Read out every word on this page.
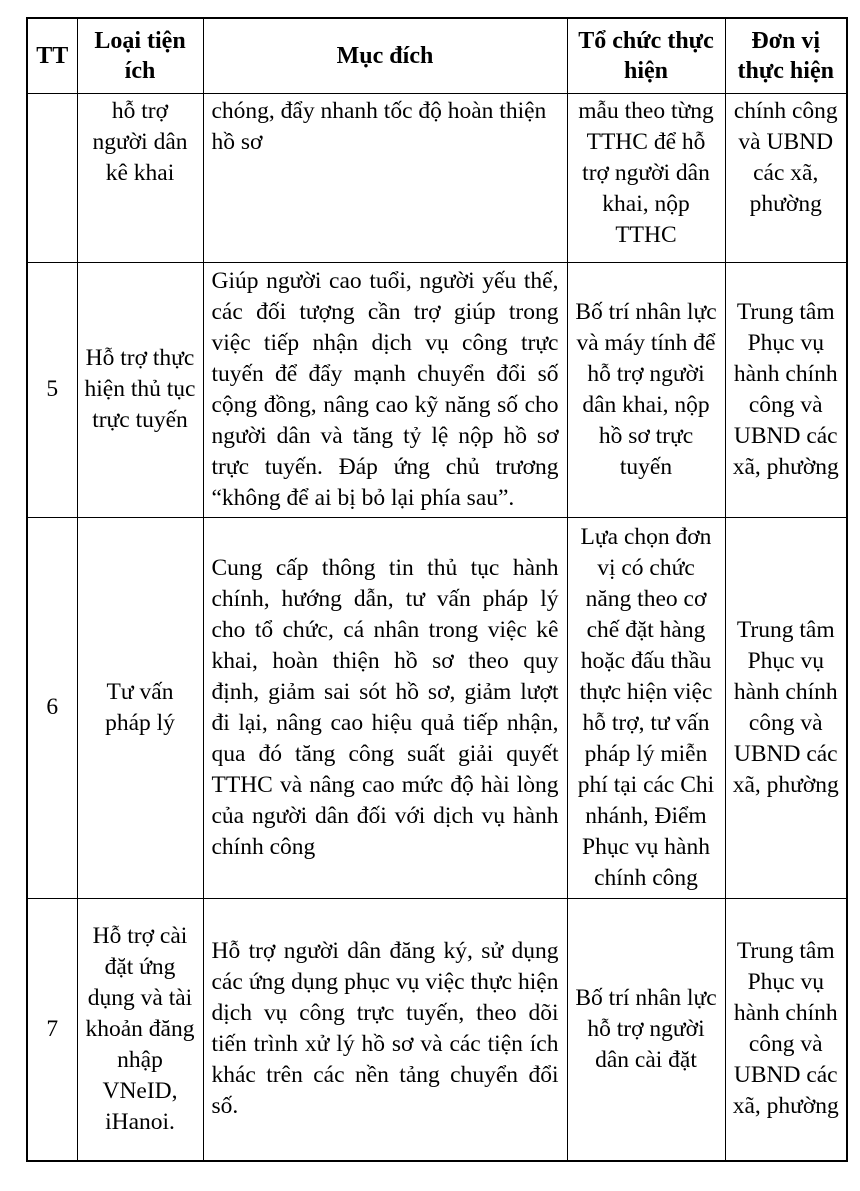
TT	Loại tiện ích	Mục đích	Tổ chức thực hiện	Đơn vị thực hiện
	hỗ trợ người dân kê khai	chóng, đẩy nhanh tốc độ hoàn thiện hồ sơ	mẫu theo từng TTHC để hỗ trợ người dân khai, nộp TTHC	chính công và UBND các xã, phường
5	Hỗ trợ thực hiện thủ tục trực tuyến	Giúp người cao tuổi, người yếu thế, các đối tượng cần trợ giúp trong việc tiếp nhận dịch vụ công trực tuyến để đẩy mạnh chuyển đổi số cộng đồng, nâng cao kỹ năng số cho người dân và tăng tỷ lệ nộp hồ sơ trực tuyến. Đáp ứng chủ trương “không để ai bị bỏ lại phía sau”.	Bố trí nhân lực và máy tính để hỗ trợ người dân khai, nộp hồ sơ trực tuyến	Trung tâm Phục vụ hành chính công và UBND các xã, phường
6	Tư vấn pháp lý	Cung cấp thông tin thủ tục hành chính, hướng dẫn, tư vấn pháp lý cho tổ chức, cá nhân trong việc kê khai, hoàn thiện hồ sơ theo quy định, giảm sai sót hồ sơ, giảm lượt đi lại, nâng cao hiệu quả tiếp nhận, qua đó tăng công suất giải quyết TTHC và nâng cao mức độ hài lòng của người dân đối với dịch vụ hành chính công	Lựa chọn đơn vị có chức năng theo cơ chế đặt hàng hoặc đấu thầu thực hiện việc hỗ trợ, tư vấn pháp lý miễn phí tại các Chi nhánh, Điểm Phục vụ hành chính công	Trung tâm Phục vụ hành chính công và UBND các xã, phường
7	Hỗ trợ cài đặt ứng dụng và tài khoản đăng nhập VNeID, iHanoi.	Hỗ trợ người dân đăng ký, sử dụng các ứng dụng phục vụ việc thực hiện dịch vụ công trực tuyến, theo dõi tiến trình xử lý hồ sơ và các tiện ích khác trên các nền tảng chuyển đổi số.	Bố trí nhân lực hỗ trợ người dân cài đặt	Trung tâm Phục vụ hành chính công và UBND các xã, phường
